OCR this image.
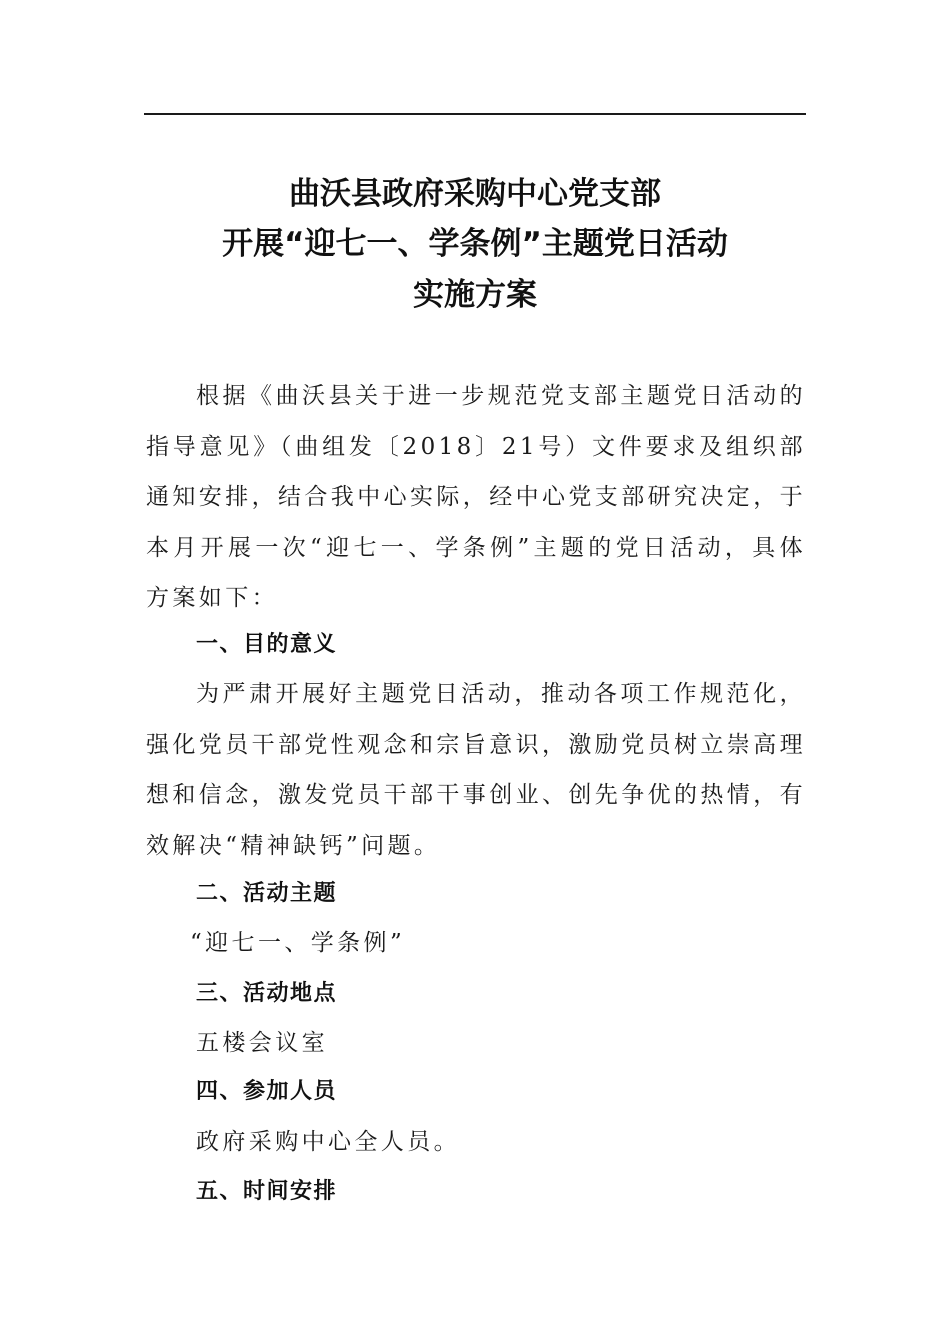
曲沃县政府采购中心党支部
开展“迎七一、学条例”主题党日活动
实施方案

根据《曲沃县关于进一步规范党支部主题党日活动的指导意见》（曲组发〔2018〕21号）文件要求及组织部通知安排，结合我中心实际，经中心党支部研究决定，于本月开展一次“迎七一、学条例”主题的党日活动，具体方案如下：

一、目的意义

为严肃开展好主题党日活动，推动各项工作规范化，强化党员干部党性观念和宗旨意识，激励党员树立崇高理想和信念，激发党员干部干事创业、创先争优的热情，有效解决“精神缺钙”问题。

二、活动主题
“迎七一、学条例”
三、活动地点
五楼会议室
四、参加人员
政府采购中心全人员。
五、时间安排
